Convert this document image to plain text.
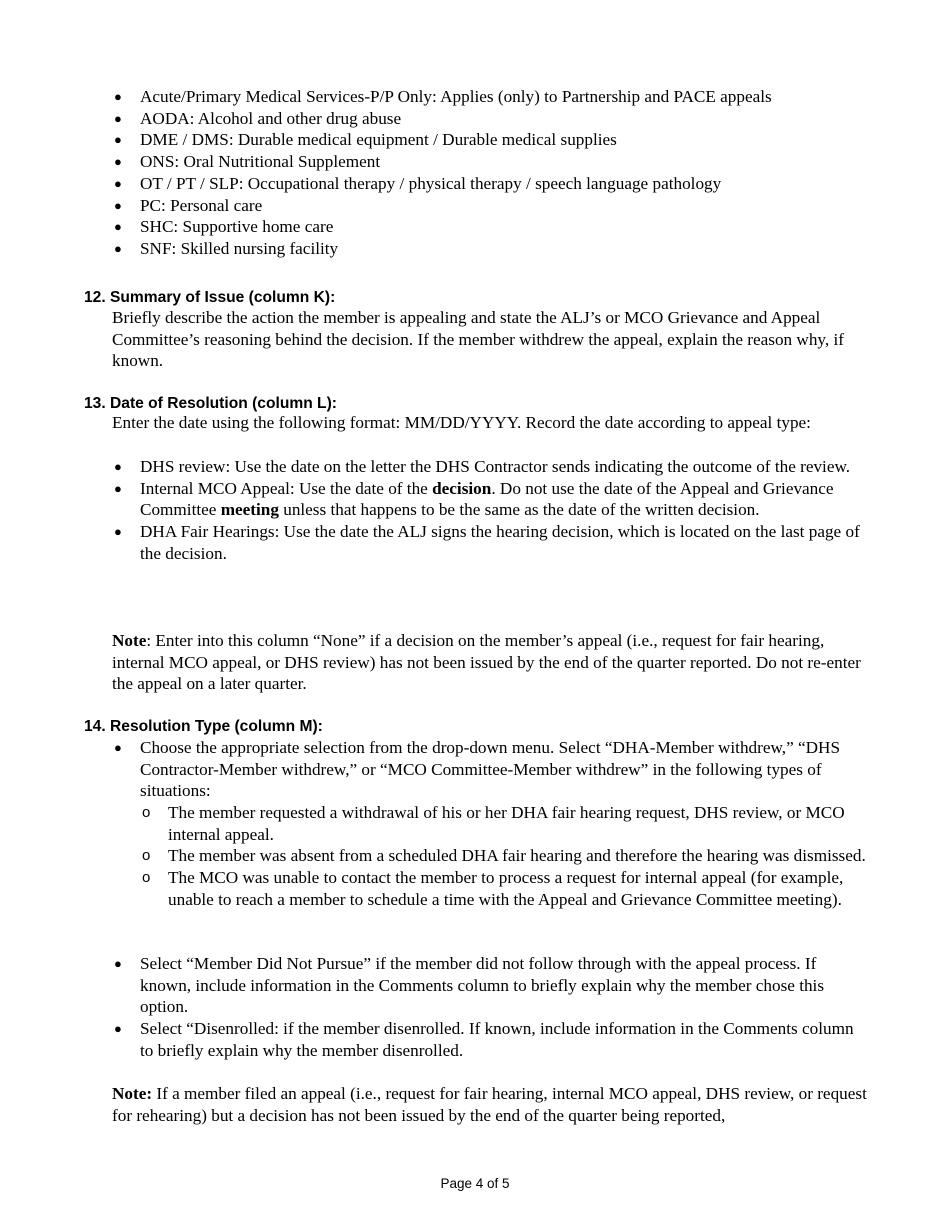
● Acute/Primary Medical Services-P/P Only: Applies (only) to Partnership and PACE appeals
● AODA: Alcohol and other drug abuse
● DME / DMS: Durable medical equipment / Durable medical supplies
● ONS: Oral Nutritional Supplement
● OT / PT / SLP: Occupational therapy / physical therapy / speech language pathology
● PC: Personal care
● SHC: Supportive home care
● SNF: Skilled nursing facility
12. Summary of Issue (column K):
Briefly describe the action the member is appealing and state the ALJ’s or MCO Grievance and Appeal Committee’s reasoning behind the decision. If the member withdrew the appeal, explain the reason why, if known.
13. Date of Resolution (column L):
Enter the date using the following format: MM/DD/YYYY. Record the date according to appeal type:
● DHS review: Use the date on the letter the DHS Contractor sends indicating the outcome of the review.
● Internal MCO Appeal: Use the date of the decision. Do not use the date of the Appeal and Grievance Committee meeting unless that happens to be the same as the date of the written decision.
● DHA Fair Hearings: Use the date the ALJ signs the hearing decision, which is located on the last page of the decision.
Note: Enter into this column “None” if a decision on the member’s appeal (i.e., request for fair hearing, internal MCO appeal, or DHS review) has not been issued by the end of the quarter reported. Do not re-enter the appeal on a later quarter.
14. Resolution Type (column M):
● Choose the appropriate selection from the drop-down menu. Select “DHA-Member withdrew,” “DHS Contractor-Member withdrew,” or “MCO Committee-Member withdrew” in the following types of situations:
o The member requested a withdrawal of his or her DHA fair hearing request, DHS review, or MCO internal appeal.
o The member was absent from a scheduled DHA fair hearing and therefore the hearing was dismissed.
o The MCO was unable to contact the member to process a request for internal appeal (for example, unable to reach a member to schedule a time with the Appeal and Grievance Committee meeting).
● Select “Member Did Not Pursue” if the member did not follow through with the appeal process. If known, include information in the Comments column to briefly explain why the member chose this option.
● Select “Disenrolled: if the member disenrolled. If known, include information in the Comments column to briefly explain why the member disenrolled.
Note: If a member filed an appeal (i.e., request for fair hearing, internal MCO appeal, DHS review, or request for rehearing) but a decision has not been issued by the end of the quarter being reported,
Page 4 of 5
